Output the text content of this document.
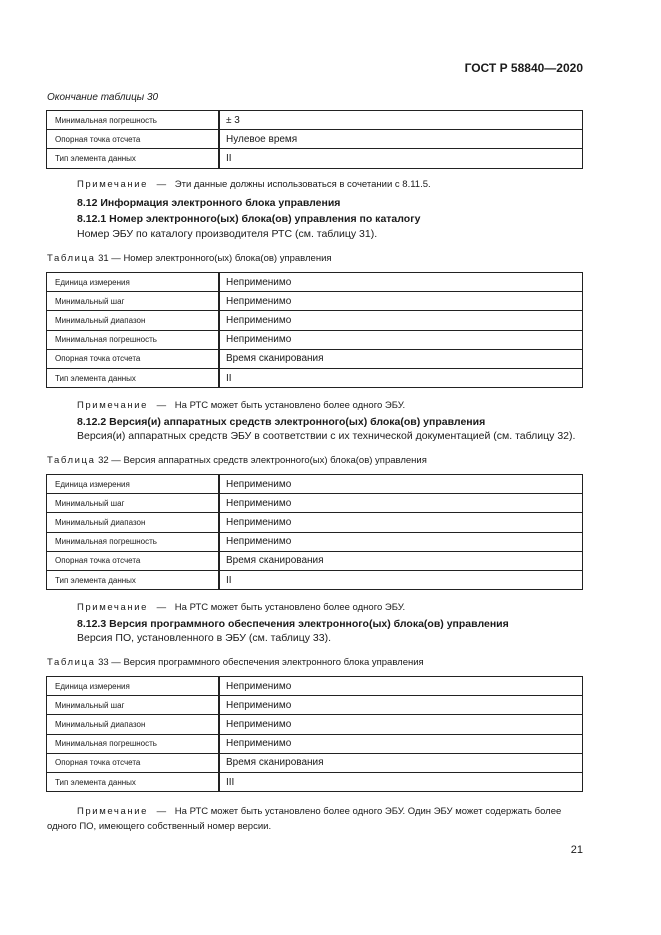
ГОСТ Р 58840—2020
Окончание таблицы 30
Минимальная погрешность	± 3
Опорная точка отсчета	Нулевое время
Тип элемента данных	II
Примечание — Эти данные должны использоваться в сочетании с 8.11.5.
8.12 Информация электронного блока управления
8.12.1 Номер электронного(ых) блока(ов) управления по каталогу
Номер ЭБУ по каталогу производителя РТС (см. таблицу 31).
Таблица 31 — Номер электронного(ых) блока(ов) управления
Единица измерения	Неприменимо
Минимальный шаг	Неприменимо
Минимальный диапазон	Неприменимо
Минимальная погрешность	Неприменимо
Опорная точка отсчета	Время сканирования
Тип элемента данных	II
Примечание — На РТС может быть установлено более одного ЭБУ.
8.12.2 Версия(и) аппаратных средств электронного(ых) блока(ов) управления
Версия(и) аппаратных средств ЭБУ в соответствии с их технической документацией (см. таблицу 32).
Таблица 32 — Версия аппаратных средств электронного(ых) блока(ов) управления
Единица измерения	Неприменимо
Минимальный шаг	Неприменимо
Минимальный диапазон	Неприменимо
Минимальная погрешность	Неприменимо
Опорная точка отсчета	Время сканирования
Тип элемента данных	II
Примечание — На РТС может быть установлено более одного ЭБУ.
8.12.3 Версия программного обеспечения электронного(ых) блока(ов) управления
Версия ПО, установленного в ЭБУ (см. таблицу 33).
Таблица 33 — Версия программного обеспечения электронного блока управления
Единица измерения	Неприменимо
Минимальный шаг	Неприменимо
Минимальный диапазон	Неприменимо
Минимальная погрешность	Неприменимо
Опорная точка отсчета	Время сканирования
Тип элемента данных	III
Примечание — На РТС может быть установлено более одного ЭБУ. Один ЭБУ может содержать более
одного ПО, имеющего собственный номер версии.
21
